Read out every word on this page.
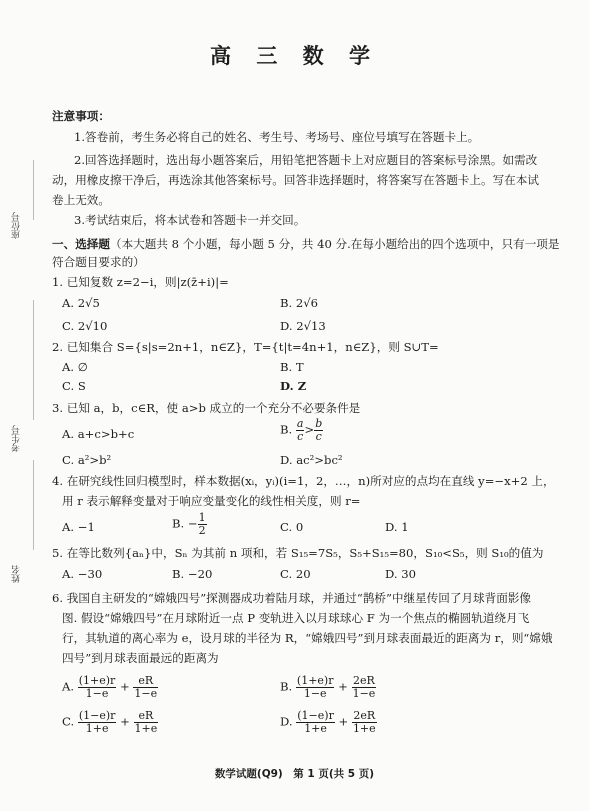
座位号
考生号
姓名
高 三 数 学
注意事项：
1.答卷前，考生务必将自己的姓名、考生号、考场号、座位号填写在答题卡上。
2.回答选择题时，选出每小题答案后，用铅笔把答题卡上对应题目的答案标号涂黑。如需改
动，用橡皮擦干净后，再选涂其他答案标号。回答非选择题时，将答案写在答题卡上。写在本试
卷上无效。
3.考试结束后，将本试卷和答题卡一并交回。
一、选择题（本大题共 8 个小题，每小题 5 分，共 40 分.在每小题给出的四个选项中，只有一项是
符合题目要求的）
1. 已知复数 z=2−i，则|z(z̄+i)|=
A. 2√5	B. 2√6
C. 2√10	D. 2√13
2. 已知集合 S={s|s=2n+1，n∈Z}，T={t|t=4n+1，n∈Z}，则 S∪T=
A. ∅	B. T
C. S	D. Z
3. 已知 a，b，c∈R，使 a>b 成立的一个充分不必要条件是
A. a+c>b+c	B. $\frac{a}{c} > \frac{b}{c}$
C. a²>b²	D. ac²>bc²
4. 在研究线性回归模型时，样本数据(xᵢ，yᵢ)(i=1，2，…，n)所对应的点均在直线 y=−x+2 上，
用 r 表示解释变量对于响应变量变化的线性相关度，则 r=
A. −1	B. − $\frac{1}{2}$	C. 0	D. 1
5. 在等比数列{aₙ}中，Sₙ 为其前 n 项和，若 S₁₅=7S₅，S₅+S₁₅=80，S₁₀<S₅，则 S₁₀的值为
A. −30	B. −20	C. 20	D. 30
6. 我国自主研发的“嫦娥四号”探测器成功着陆月球，并通过“鹊桥”中继星传回了月球背面影像
图. 假设“嫦娥四号”在月球附近一点 P 变轨进入以月球球心 F 为一个焦点的椭圆轨道绕月飞
行，其轨道的离心率为 e，设月球的半径为 R，“嫦娥四号”到月球表面最近的距离为 r，则“嫦娥
四号”到月球表面最远的距离为
A. $\frac{(1+e)r}{1-e} + \frac{eR}{1-e}$	B. $\frac{(1+e)r}{1-e} + \frac{2eR}{1-e}$
C. $\frac{(1-e)r}{1+e} + \frac{eR}{1+e}$	D. $\frac{(1-e)r}{1+e} + \frac{2eR}{1+e}$
数学试题(Q9)　第 1 页(共 5 页)
